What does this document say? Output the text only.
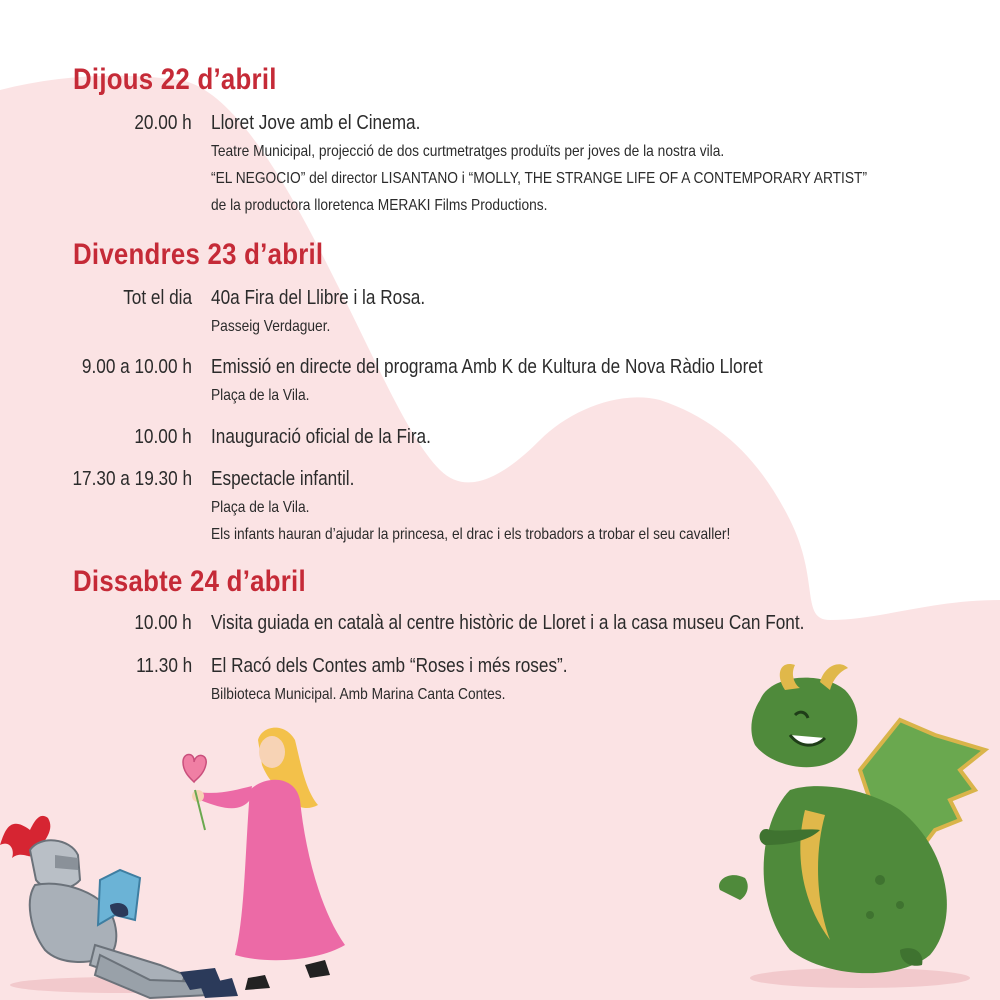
Dijous 22 d’abril
20.00 h Lloret Jove amb el Cinema.
Teatre Municipal, projecció de dos curtmetratges produïts per joves de la nostra vila.
“EL NEGOCIO” del director LISANTANO i “MOLLY, THE STRANGE LIFE OF A CONTEMPORARY ARTIST”
de la productora lloretenca MERAKI Films Productions.
Divendres 23 d’abril
Tot el dia 40a Fira del Llibre i la Rosa.
Passeig Verdaguer.
9.00 a 10.00 h Emissió en directe del programa Amb K de Kultura de Nova Ràdio Lloret
Plaça de la Vila.
10.00 h Inauguració oficial de la Fira.
17.30 a 19.30 h Espectacle infantil.
Plaça de la Vila.
Els infants hauran d’ajudar la princesa, el drac i els trobadors a trobar el seu cavaller!
Dissabte 24 d’abril
10.00 h Visita guiada en català al centre històric de Lloret i a la casa museu Can Font.
11.30 h El Racó dels Contes amb “Roses i més roses”.
Bilbioteca Municipal. Amb Marina Canta Contes.
